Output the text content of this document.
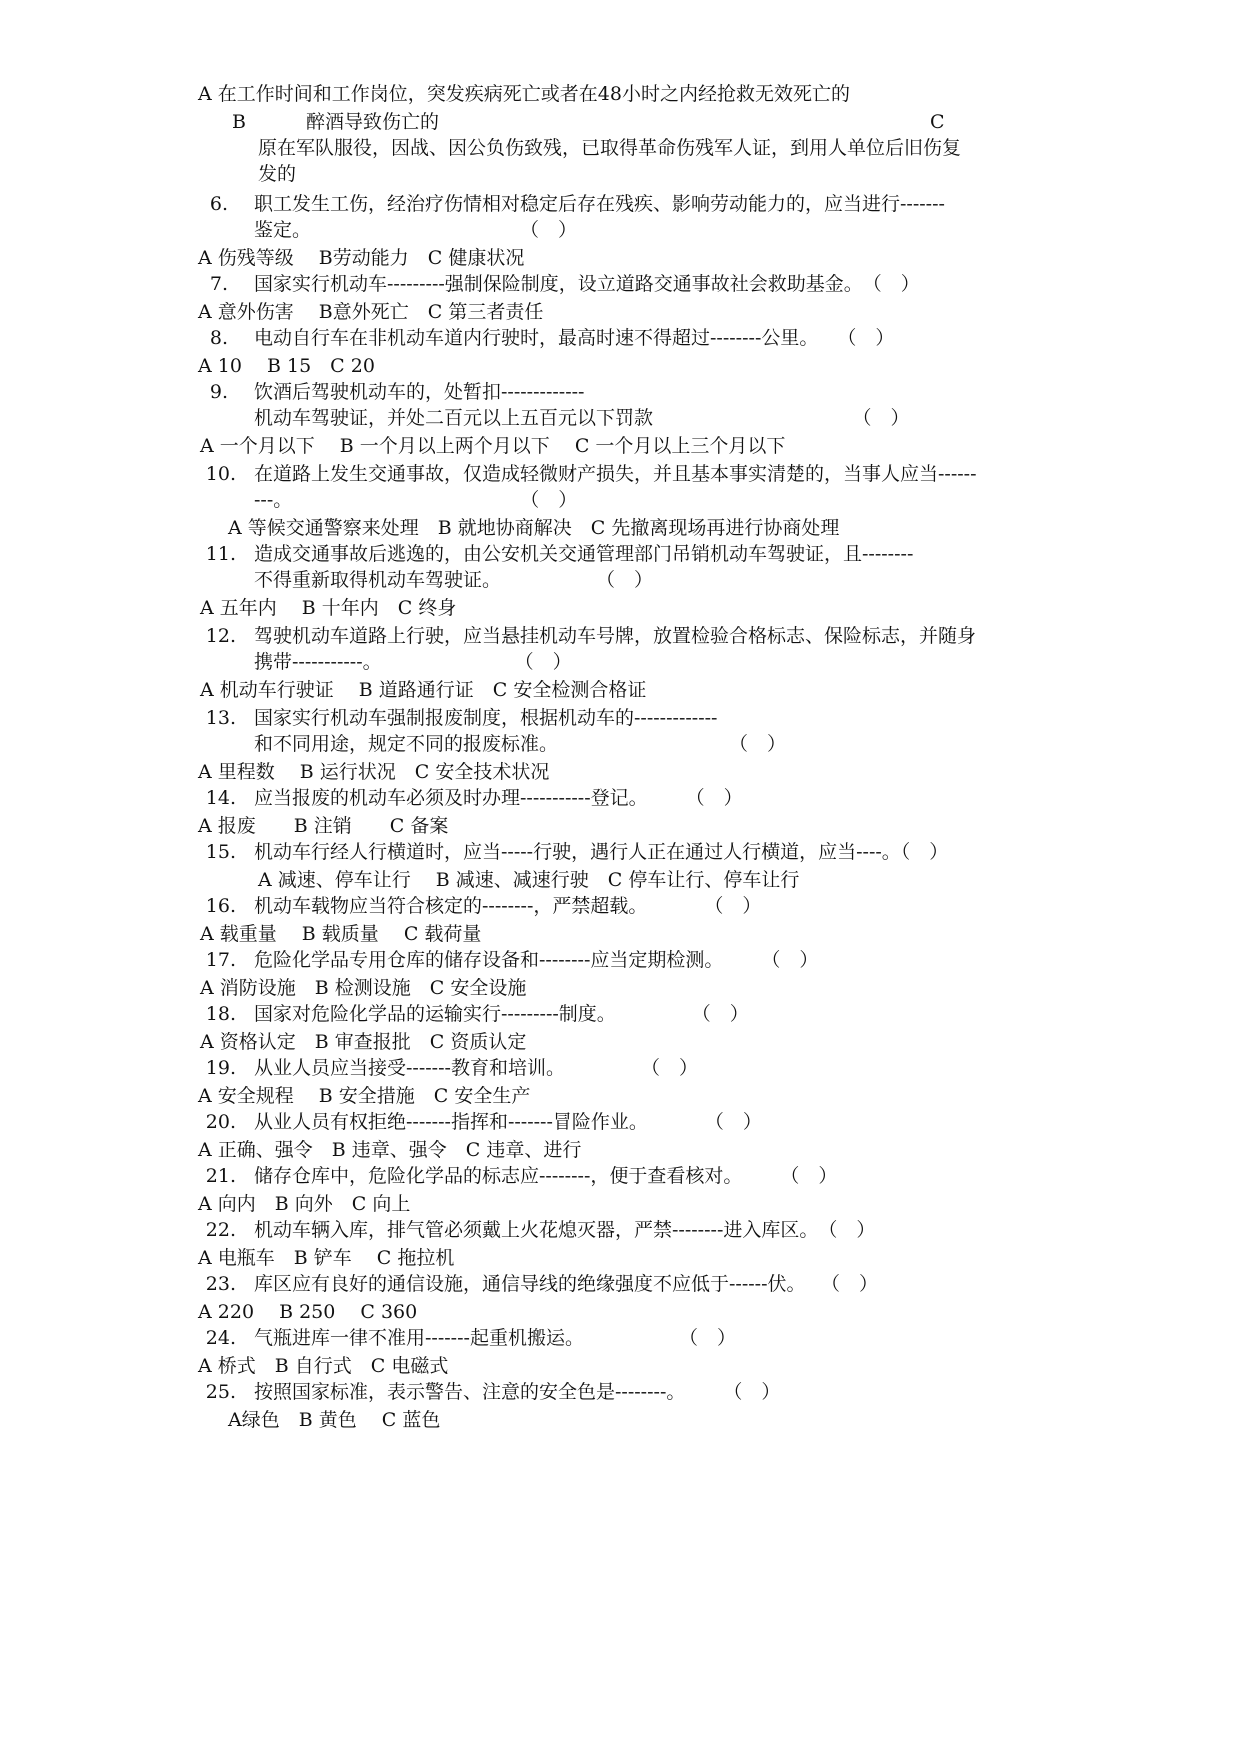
A 在工作时间和工作岗位，突发疾病死亡或者在48小时之内经抢救无效死亡的
B	醉酒导致伤亡的	C
原在军队服役，因战、因公负伤致残，已取得革命伤残军人证，到用人单位后旧伤复
发的
6. 职工发生工伤，经治疗伤情相对稳定后存在残疾、影响劳动能力的，应当进行-------
鉴定。　　　　　　　　　　　　（　）
A 伤残等级　 B劳动能力　C 健康状况
7. 国家实行机动车---------强制保险制度，设立道路交通事故社会救助基金。　（　）
A 意外伤害　 B意外死亡　C 第三者责任
8. 电动自行车在非机动车道内行驶时，最高时速不得超过--------公里。　　（　）
A 10　 B 15　C 20
9. 饮酒后驾驶机动车的，处暂扣-------------
机动车驾驶证，并处二百元以上五百元以下罚款　　　　　　　　　　　（　）
A 一个月以下　 B 一个月以上两个月以下　 C 一个月以上三个月以下
10. 在道路上发生交通事故，仅造成轻微财产损失，并且基本事实清楚的，当事人应当------
---。　　　　　　　　　　　　　（　）
A 等候交通警察来处理　B 就地协商解决　C 先撤离现场再进行协商处理
11. 造成交通事故后逃逸的，由公安机关交通管理部门吊销机动车驾驶证，且--------
不得重新取得机动车驾驶证。　　　　　　（　）
A 五年内　 B 十年内　C 终身
12. 驾驶机动车道路上行驶，应当悬挂机动车号牌，放置检验合格标志、保险标志，并随身
携带-----------。　　　　　　　　（　）
A 机动车行驶证　 B 道路通行证　C 安全检测合格证
13. 国家实行机动车强制报废制度，根据机动车的-------------
和不同用途，规定不同的报废标准。　　　　　　　　　　（　）
A 里程数　 B 运行状况　C 安全技术状况
14. 应当报废的机动车必须及时办理-----------登记。　　　（　）
A 报废　　B 注销　　C 备案
15. 机动车行经人行横道时，应当-----行驶，遇行人正在通过人行横道，应当----。（　）
A 减速、停车让行　 B 减速、减速行驶　C 停车让行、停车让行
16. 机动车载物应当符合核定的--------，严禁超载。　　　　（　）
A 载重量　 B 载质量　 C 载荷量
17. 危险化学品专用仓库的储存设备和--------应当定期检测。　　　（　）
A 消防设施　B 检测设施　C 安全设施
18. 国家对危险化学品的运输实行---------制度。　　　　　（　）
A 资格认定　B 审查报批　C 资质认定
19. 从业人员应当接受-------教育和培训。　　　　　（　）
A 安全规程　 B 安全措施　C 安全生产
20. 从业人员有权拒绝-------指挥和-------冒险作业。　　　　（　）
A 正确、强令　B 违章、强令　C 违章、进行
21. 储存仓库中，危险化学品的标志应--------，便于查看核对。　　　（　）
A 向内　B 向外　C 向上
22. 机动车辆入库，排气管必须戴上火花熄灭器，严禁--------进入库区。　（　）
A 电瓶车　B 铲车　 C 拖拉机
23. 库区应有良好的通信设施，通信导线的绝缘强度不应低于------伏。　 （　）
A 220　 B 250　 C 360
24. 气瓶进库一律不准用-------起重机搬运。　　　　　　（　）
A 桥式　B 自行式　C 电磁式
25. 按照国家标准，表示警告、注意的安全色是--------。　　　（　）
A绿色　B 黄色　 C 蓝色
